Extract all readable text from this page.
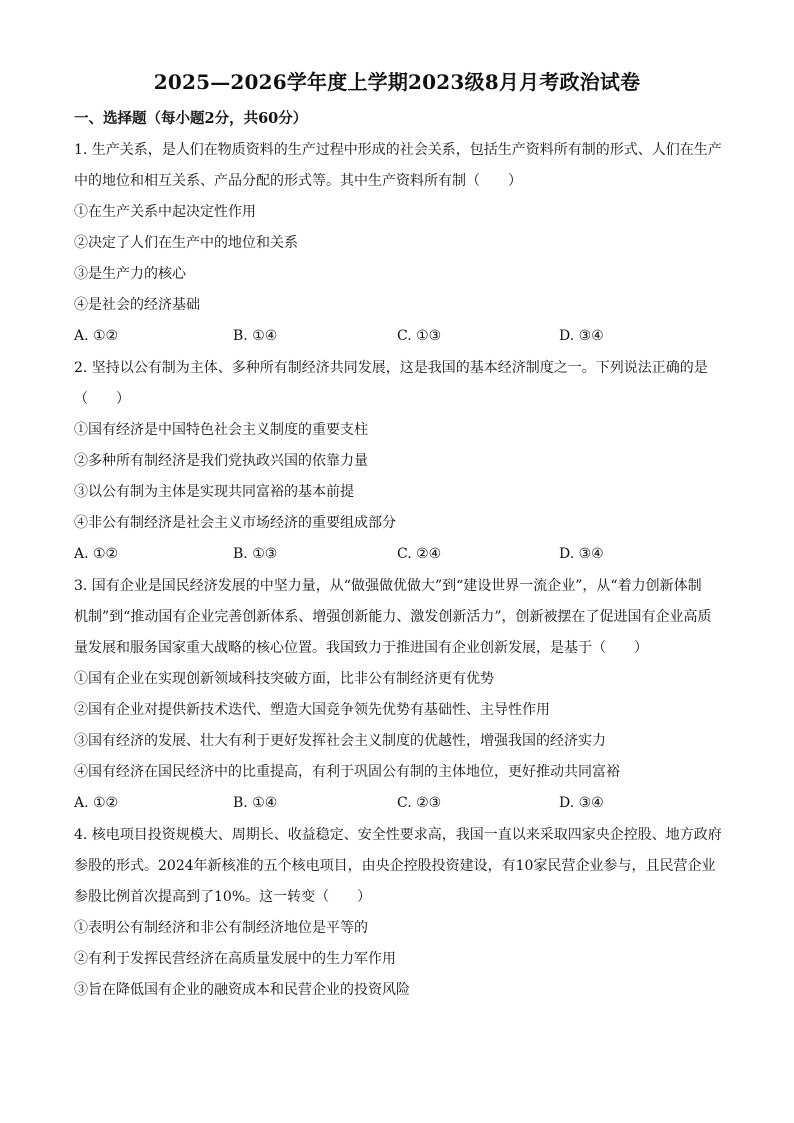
2025—2026学年度上学期2023级8月月考政治试卷
一、选择题（每小题2分，共60分）
1. 生产关系，是人们在物质资料的生产过程中形成的社会关系，包括生产资料所有制的形式、人们在生产
中的地位和相互关系、产品分配的形式等。其中生产资料所有制（　　）
①在生产关系中起决定性作用
②决定了人们在生产中的地位和关系
③是生产力的核心
④是社会的经济基础
A. ①②	B. ①④	C. ①③	D. ③④
2. 坚持以公有制为主体、多种所有制经济共同发展，这是我国的基本经济制度之一。下列说法正确的是
（　　）
①国有经济是中国特色社会主义制度的重要支柱
②多种所有制经济是我们党执政兴国的依靠力量
③以公有制为主体是实现共同富裕的基本前提
④非公有制经济是社会主义市场经济的重要组成部分
A. ①②	B. ①③	C. ②④	D. ③④
3. 国有企业是国民经济发展的中坚力量，从“做强做优做大”到“建设世界一流企业”，从“着力创新体制
机制”到“推动国有企业完善创新体系、增强创新能力、激发创新活力”，创新被摆在了促进国有企业高质
量发展和服务国家重大战略的核心位置。我国致力于推进国有企业创新发展，是基于（　　）
①国有企业在实现创新领域科技突破方面，比非公有制经济更有优势
②国有企业对提供新技术迭代、塑造大国竞争领先优势有基础性、主导性作用
③国有经济的发展、壮大有利于更好发挥社会主义制度的优越性，增强我国的经济实力
④国有经济在国民经济中的比重提高，有利于巩固公有制的主体地位，更好推动共同富裕
A. ①②	B. ①④	C. ②③	D. ③④
4. 核电项目投资规模大、周期长、收益稳定、安全性要求高，我国一直以来采取四家央企控股、地方政府
参股的形式。2024年新核准的五个核电项目，由央企控股投资建设，有10家民营企业参与，且民营企业
参股比例首次提高到了10%。这一转变（　　）
①表明公有制经济和非公有制经济地位是平等的
②有利于发挥民营经济在高质量发展中的生力军作用
③旨在降低国有企业的融资成本和民营企业的投资风险
